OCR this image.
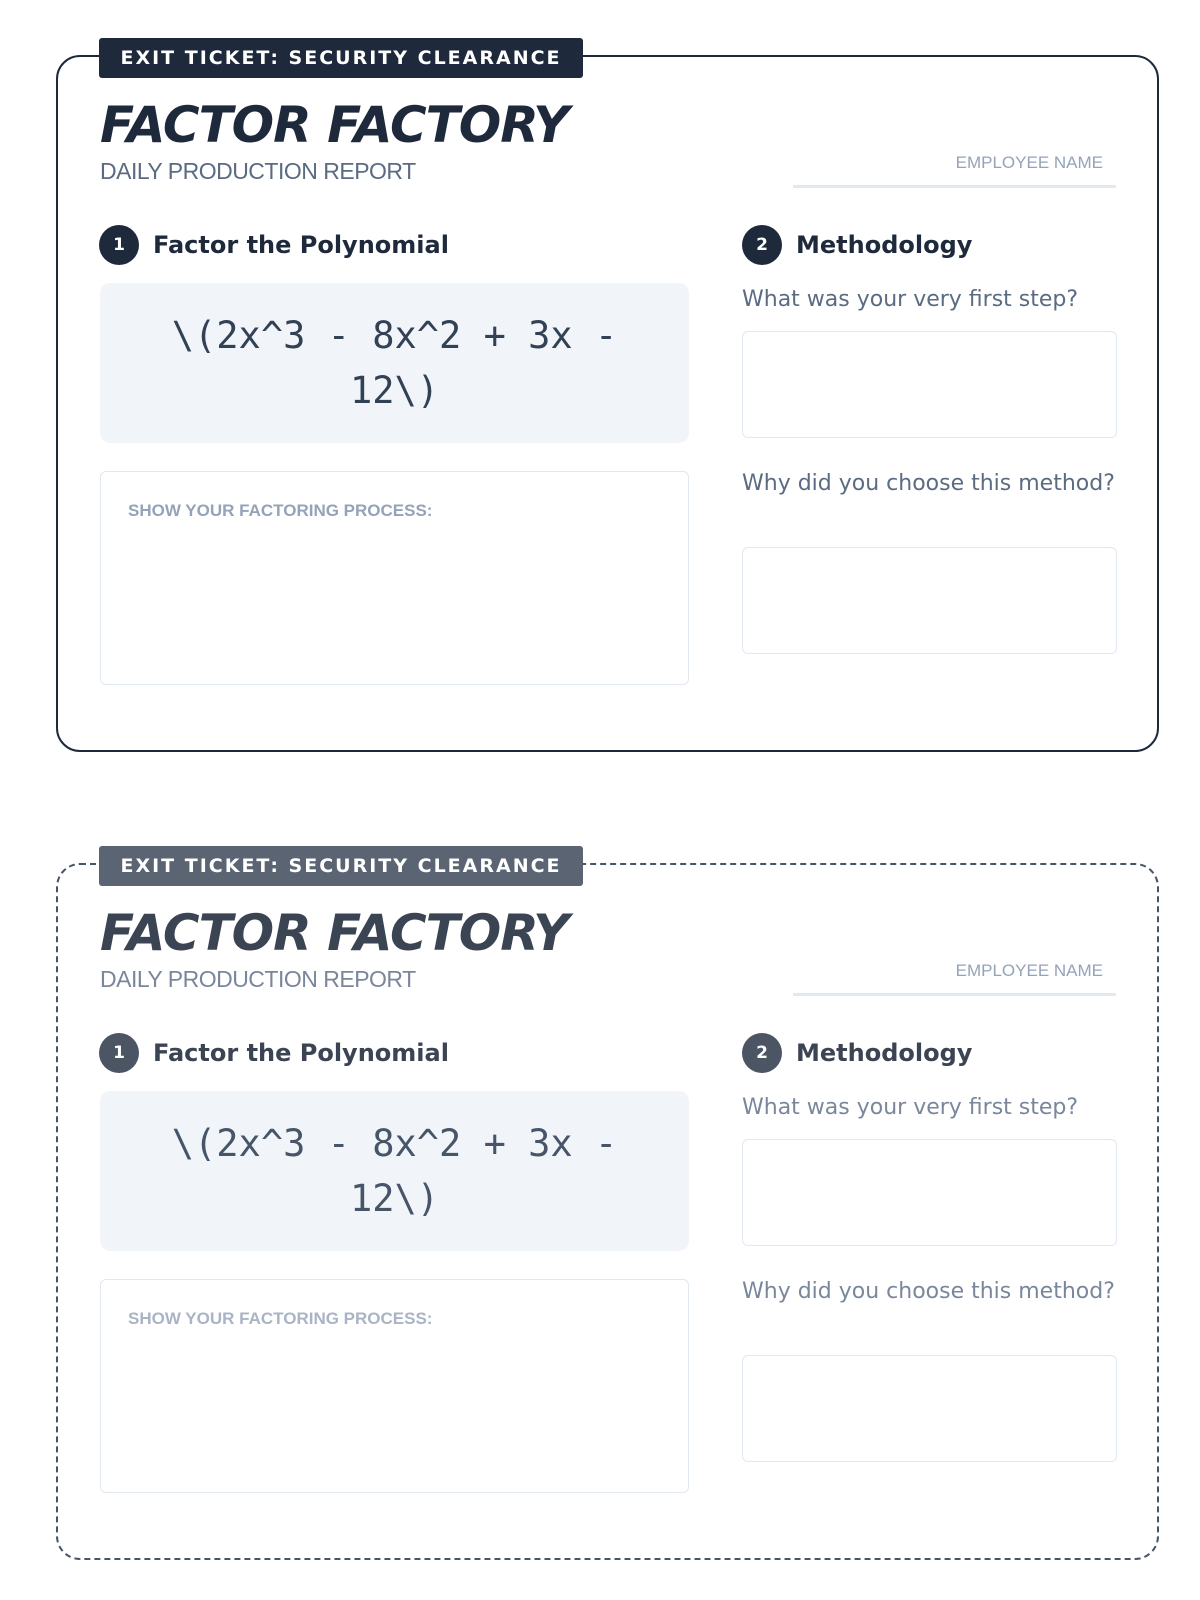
EXIT TICKET: SECURITY CLEARANCE
FACTOR FACTORY
DAILY PRODUCTION REPORT	EMPLOYEE NAME
1	Factor the Polynomial
\(2x^3 - 8x^2 + 3x - 12\)
SHOW YOUR FACTORING PROCESS:
2	Methodology
What was your very first step?
Why did you choose this method?
EXIT TICKET: SECURITY CLEARANCE
FACTOR FACTORY
DAILY PRODUCTION REPORT	EMPLOYEE NAME
1	Factor the Polynomial
\(2x^3 - 8x^2 + 3x - 12\)
SHOW YOUR FACTORING PROCESS:
2	Methodology
What was your very first step?
Why did you choose this method?
